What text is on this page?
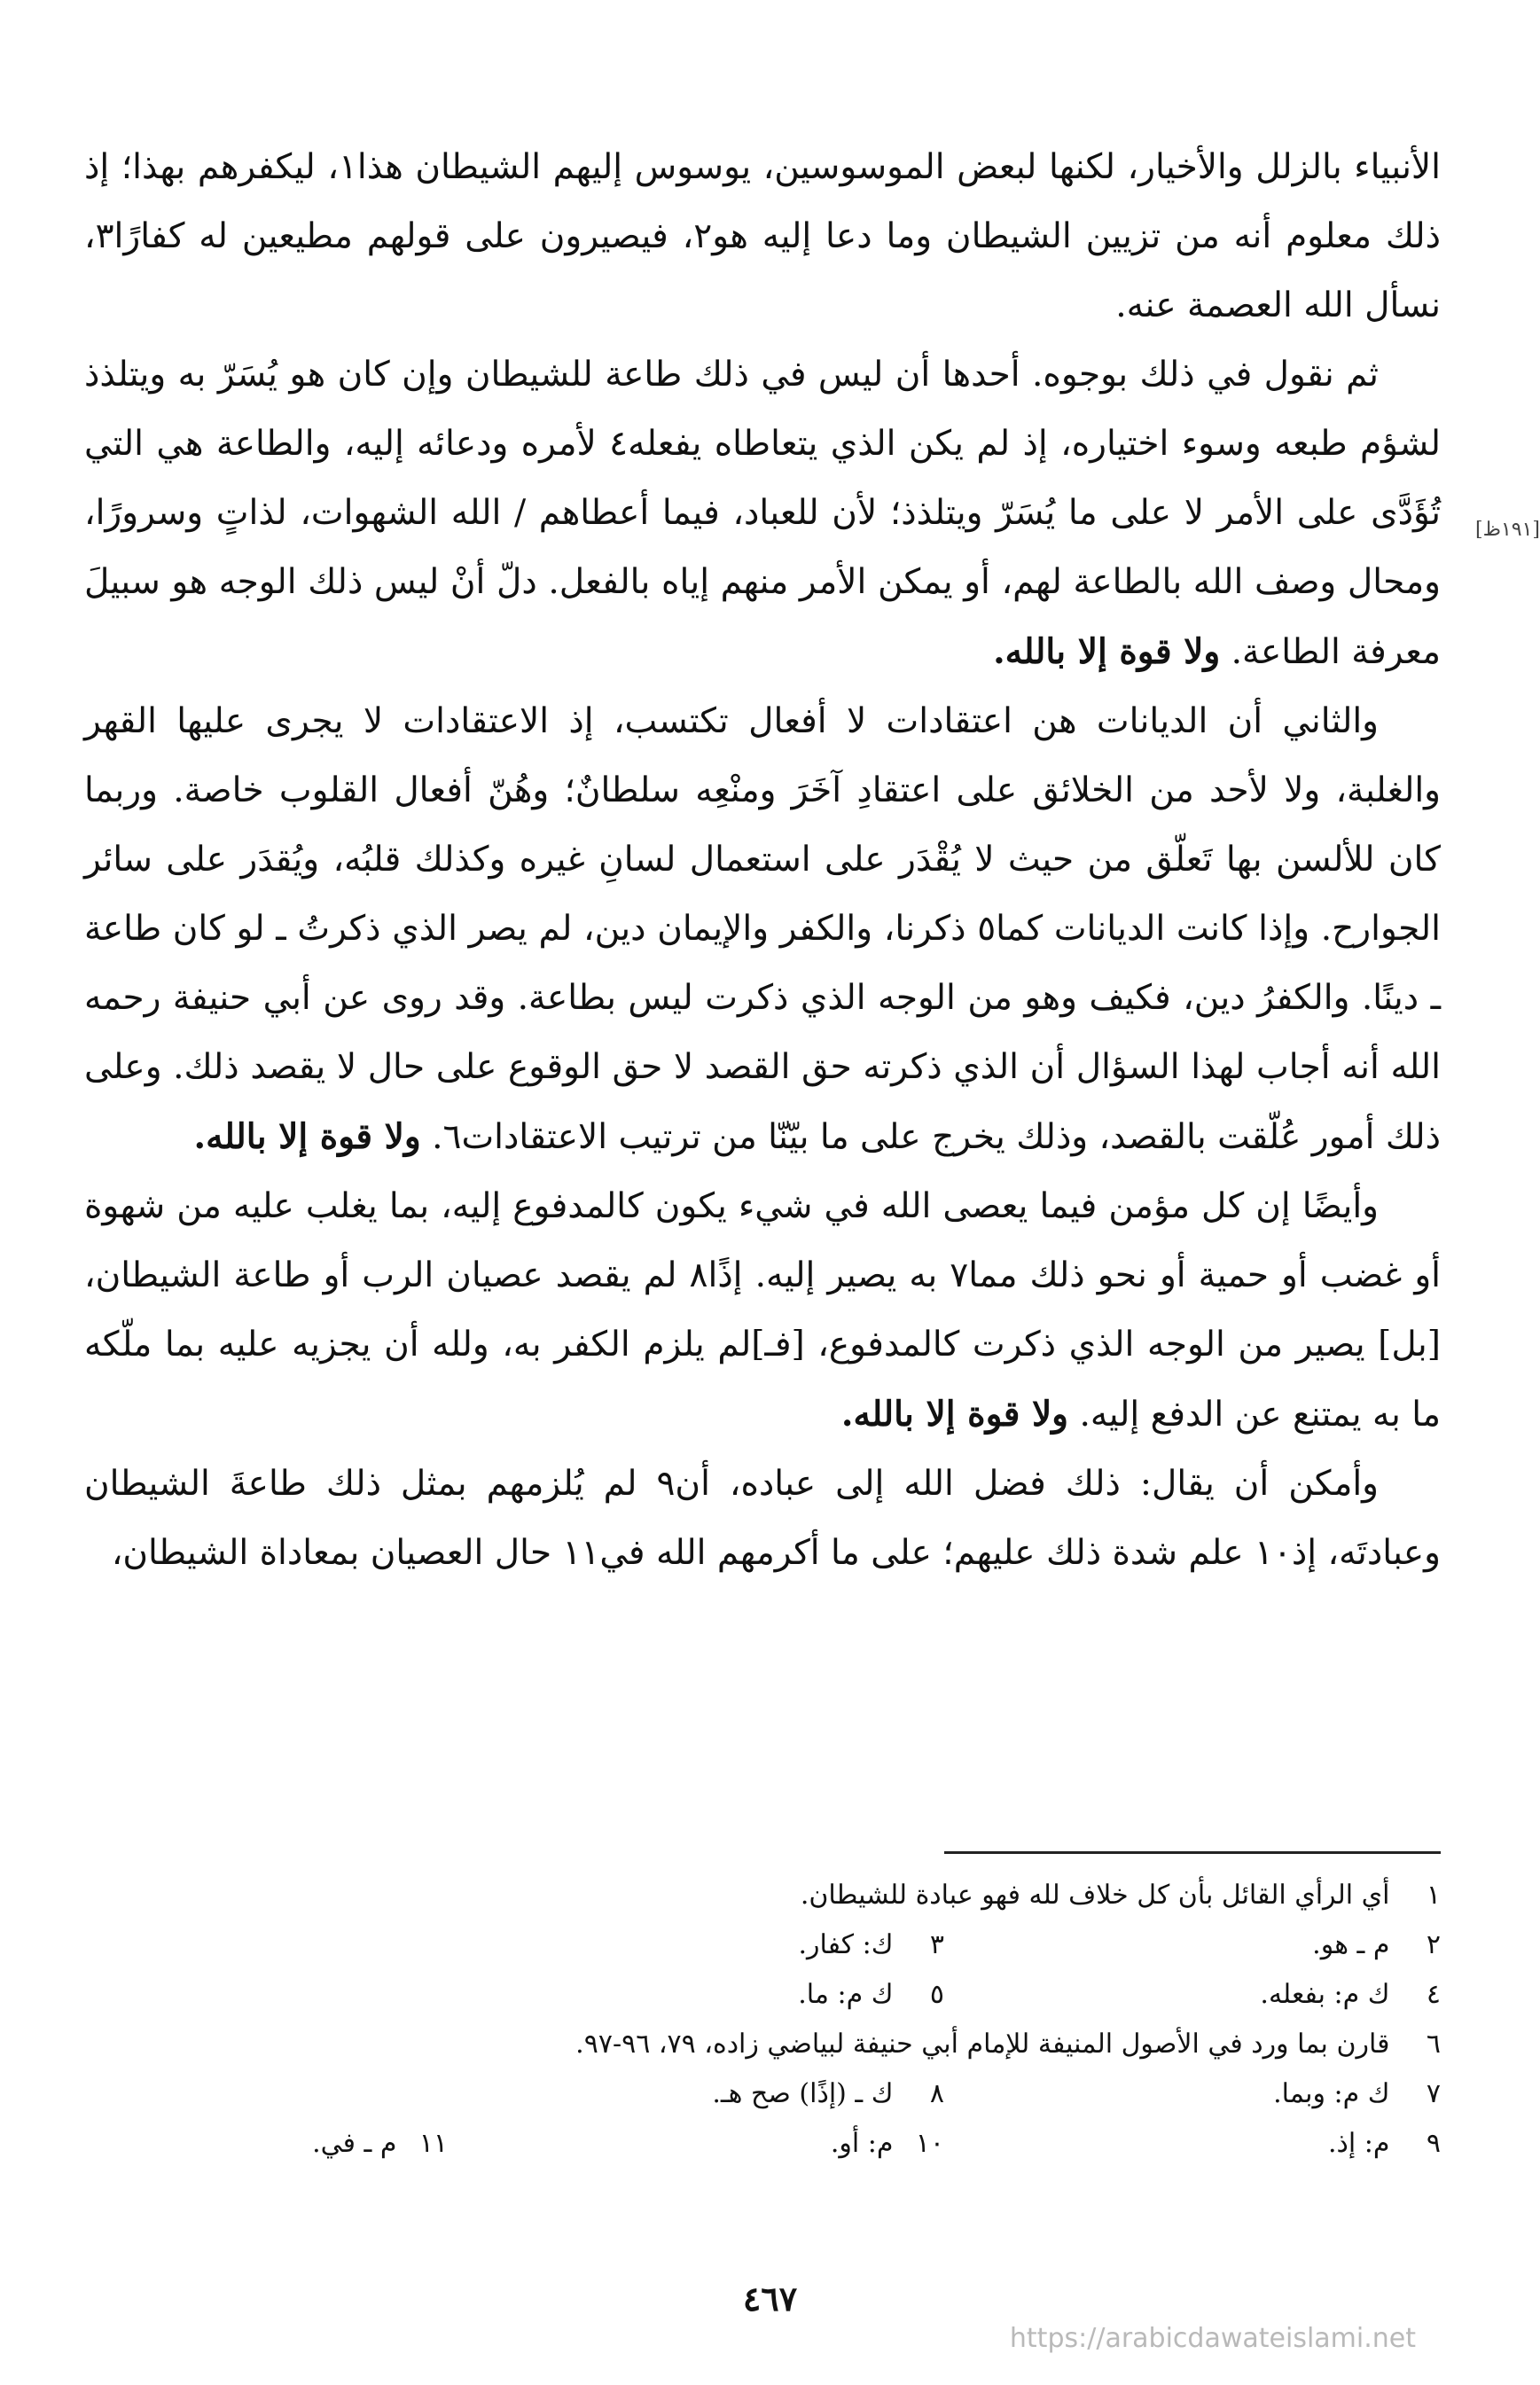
الأنبياء بالزلل والأخيار، لكنها لبعض الموسوسين، يوسوس إليهم الشيطان هذا١، ليكفرهم بهذا؛ إذ ذلك معلوم أنه من تزيين الشيطان وما دعا إليه هو٢، فيصيرون على قولهم مطيعين له كفارًا٣، نسأل الله العصمة عنه.

ثم نقول في ذلك بوجوه. أحدها أن ليس في ذلك طاعة للشيطان وإن كان هو يُسَرّ به ويتلذذ لشؤم طبعه وسوء اختياره، إذ لم يكن الذي يتعاطاه يفعله٤ لأمره ودعائه إليه، والطاعة هي التي تُؤَدَّى على الأمر لا على ما يُسَرّ ويتلذذ؛ لأن للعباد، فيما أعطاهم / الله الشهوات، لذاتٍ وسرورًا، ومحال وصف الله بالطاعة لهم، أو يمكن الأمر منهم إياه بالفعل. دلّ أنْ ليس ذلك الوجه هو سبيلَ معرفة الطاعة. ولا قوة إلا بالله.

والثاني أن الديانات هن اعتقادات لا أفعال تكتسب، إذ الاعتقادات لا يجرى عليها القهر والغلبة، ولا لأحد من الخلائق على اعتقادِ آخَرَ ومنْعِه سلطانٌ؛ وهُنّ أفعال القلوب خاصة. وربما كان للألسن بها تَعلّق من حيث لا يُقْدَر على استعمال لسانِ غيره وكذلك قلبُه، ويُقدَر على سائر الجوارح. وإذا كانت الديانات كما٥ ذكرنا، والكفر والإيمان دين، لم يصر الذي ذكرتُ ـ لو كان طاعة ـ دينًا. والكفرُ دين، فكيف وهو من الوجه الذي ذكرت ليس بطاعة. وقد روى عن أبي حنيفة رحمه الله أنه أجاب لهذا السؤال أن الذي ذكرته حق القصد لا حق الوقوع على حال لا يقصد ذلك. وعلى ذلك أمور عُلّقت بالقصد، وذلك يخرج على ما بيّنّا من ترتيب الاعتقادات٦. ولا قوة إلا بالله.

وأيضًا إن كل مؤمن فيما يعصى الله في شيء يكون كالمدفوع إليه، بما يغلب عليه من شهوة أو غضب أو حمية أو نحو ذلك مما٧ به يصير إليه. إذًا٨ لم يقصد عصيان الرب أو طاعة الشيطان، [بل] يصير من الوجه الذي ذكرت كالمدفوع، [فـ]لم يلزم الكفر به، ولله أن يجزيه عليه بما ملّكه ما به يمتنع عن الدفع إليه. ولا قوة إلا بالله.

وأمكن أن يقال: ذلك فضل الله إلى عباده، أن٩ لم يُلزمهم بمثل ذلك طاعةَ الشيطان وعبادتَه، إذ١٠ علم شدة ذلك عليهم؛ على ما أكرمهم الله في١١ حال العصيان بمعاداة الشيطان،

[١٩١ظ]
١ أي الرأي القائل بأن كل خلاف لله فهو عبادة للشيطان.
٢ م ـ هو.
٣ ك: كفار.
٤ ك م: بفعله.
٥ ك م: ما.
٦ قارن بما ورد في الأصول المنيفة للإمام أبي حنيفة لبياضي زاده، ٧٩، ٩٦-٩٧.
٧ ك م: وبما.
٨ ك ـ (إذًا) صح هـ.
٩ م: إذ.
١٠ م: أو.
١١ م ـ في.
٤٦٧
https://arabicdawateislami.net
